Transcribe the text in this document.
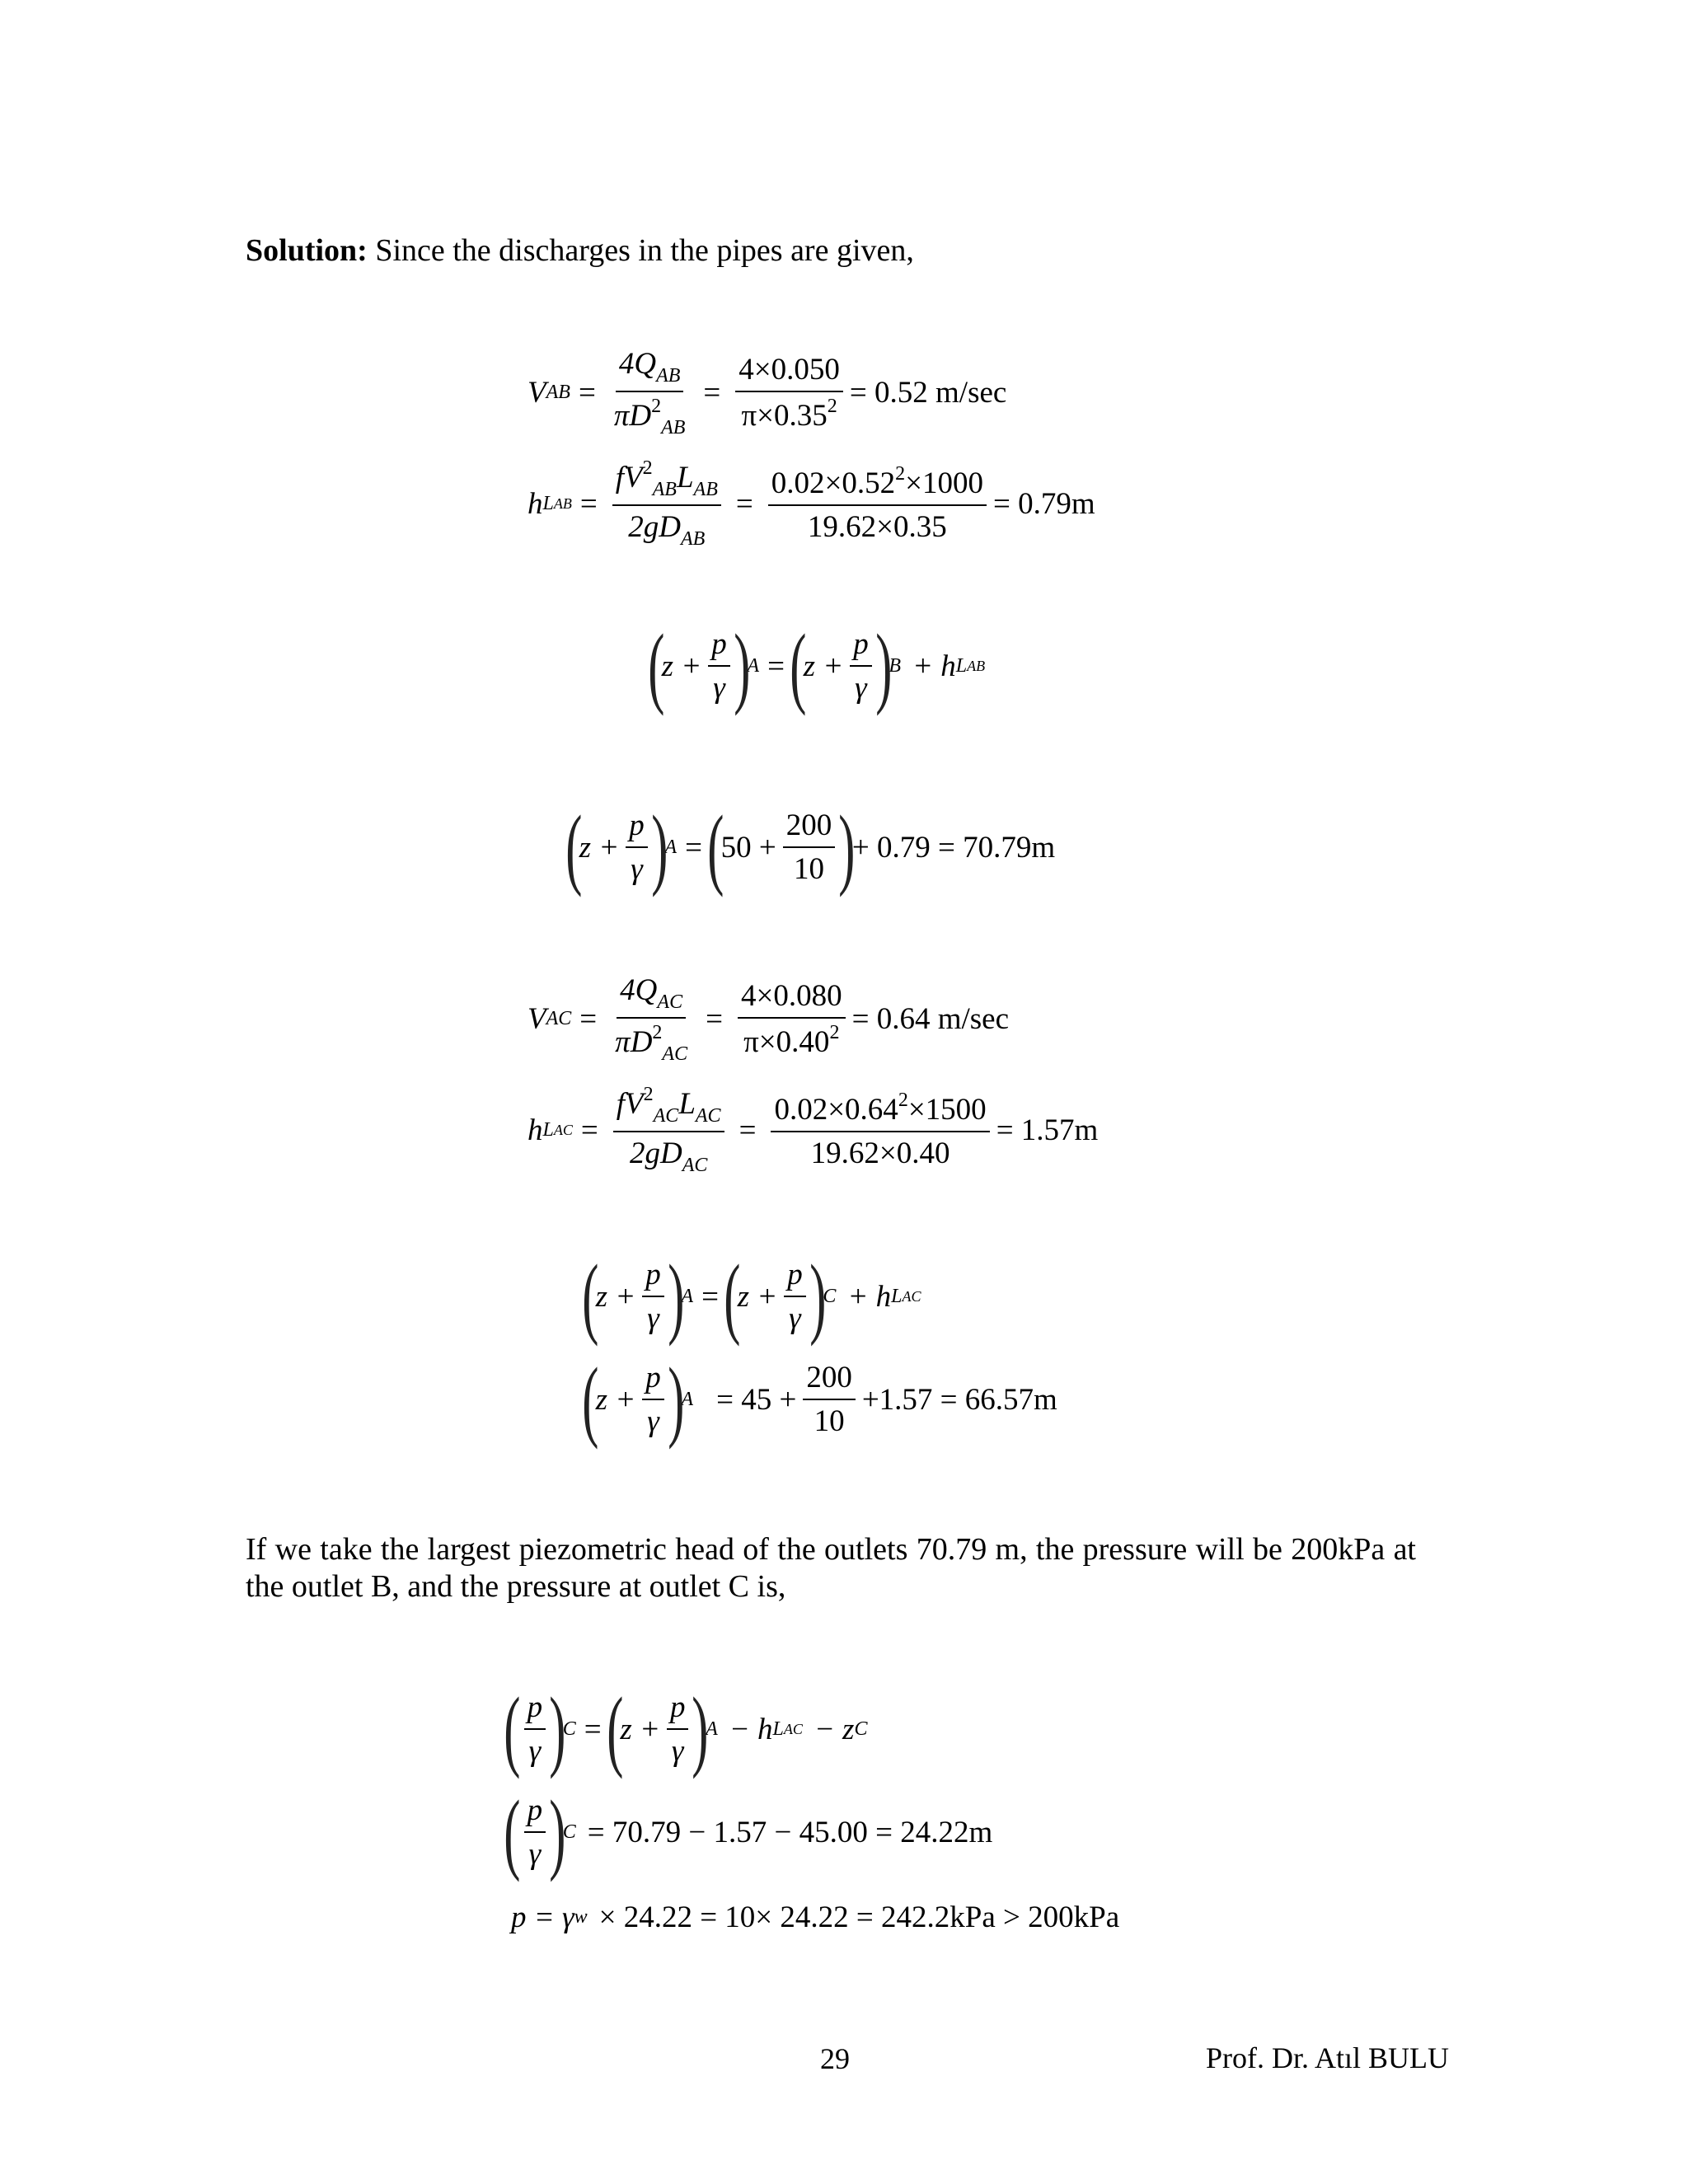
Solution: Since the discharges in the pipes are given,
V AB = $\frac{4Q_{AB}}{\pi D^2_{AB}} = \frac{4\times 0.050}{\pi\times 0.35^2} = 0.52$ m/sec
h L AB = $\frac{fV^2_{AB}L_{AB}}{2gD_{AB}} = \frac{0.02\times 0.52^2\times 1000}{19.62\times 0.35} = 0.79m$
(
$z + \frac{p}{\gamma}$ )
A = (
$z + \frac{p}{\gamma}$ )
B + h L AB
(
$z + \frac{p}{\gamma}$ )
A = (
$50 + \frac{200}{10}$ )
+ 0.79 = 70.79m
V AC = $\frac{4Q_{AC}}{\pi D^2_{AC}} = \frac{4\times 0.080}{\pi\times 0.40^2} = 0.64$ m/sec
h L AC = $\frac{fV^2_{AC}L_{AC}}{2gD_{AC}} = \frac{0.02\times 0.64^2\times 1500}{19.62\times 0.40} = 1.57m$
(
$z + \frac{p}{\gamma}$ )
A = (
$z + \frac{p}{\gamma}$ )
C + h L AC
(
$z + \frac{p}{\gamma}$ )
$A = 45 + \frac{200}{10} +1.57 = 66.57m$
If we take the largest piezometric head of the outlets 70.79 m, the pressure will be 200kPa at the outlet B, and the pressure at outlet C is,
( $\frac{p}{\gamma}$ )
C = (
$z + \frac{p}{\gamma}$ )
A − h L AC − z C
( $\frac{p}{\gamma}$ )
C = 70.79 − 1.57 − 45.00 = 24.22m
p = γ w × 24.22 = 10× 24.22 = 242.2kPa > 200kPa
29	Prof. Dr. Atıl BULU
